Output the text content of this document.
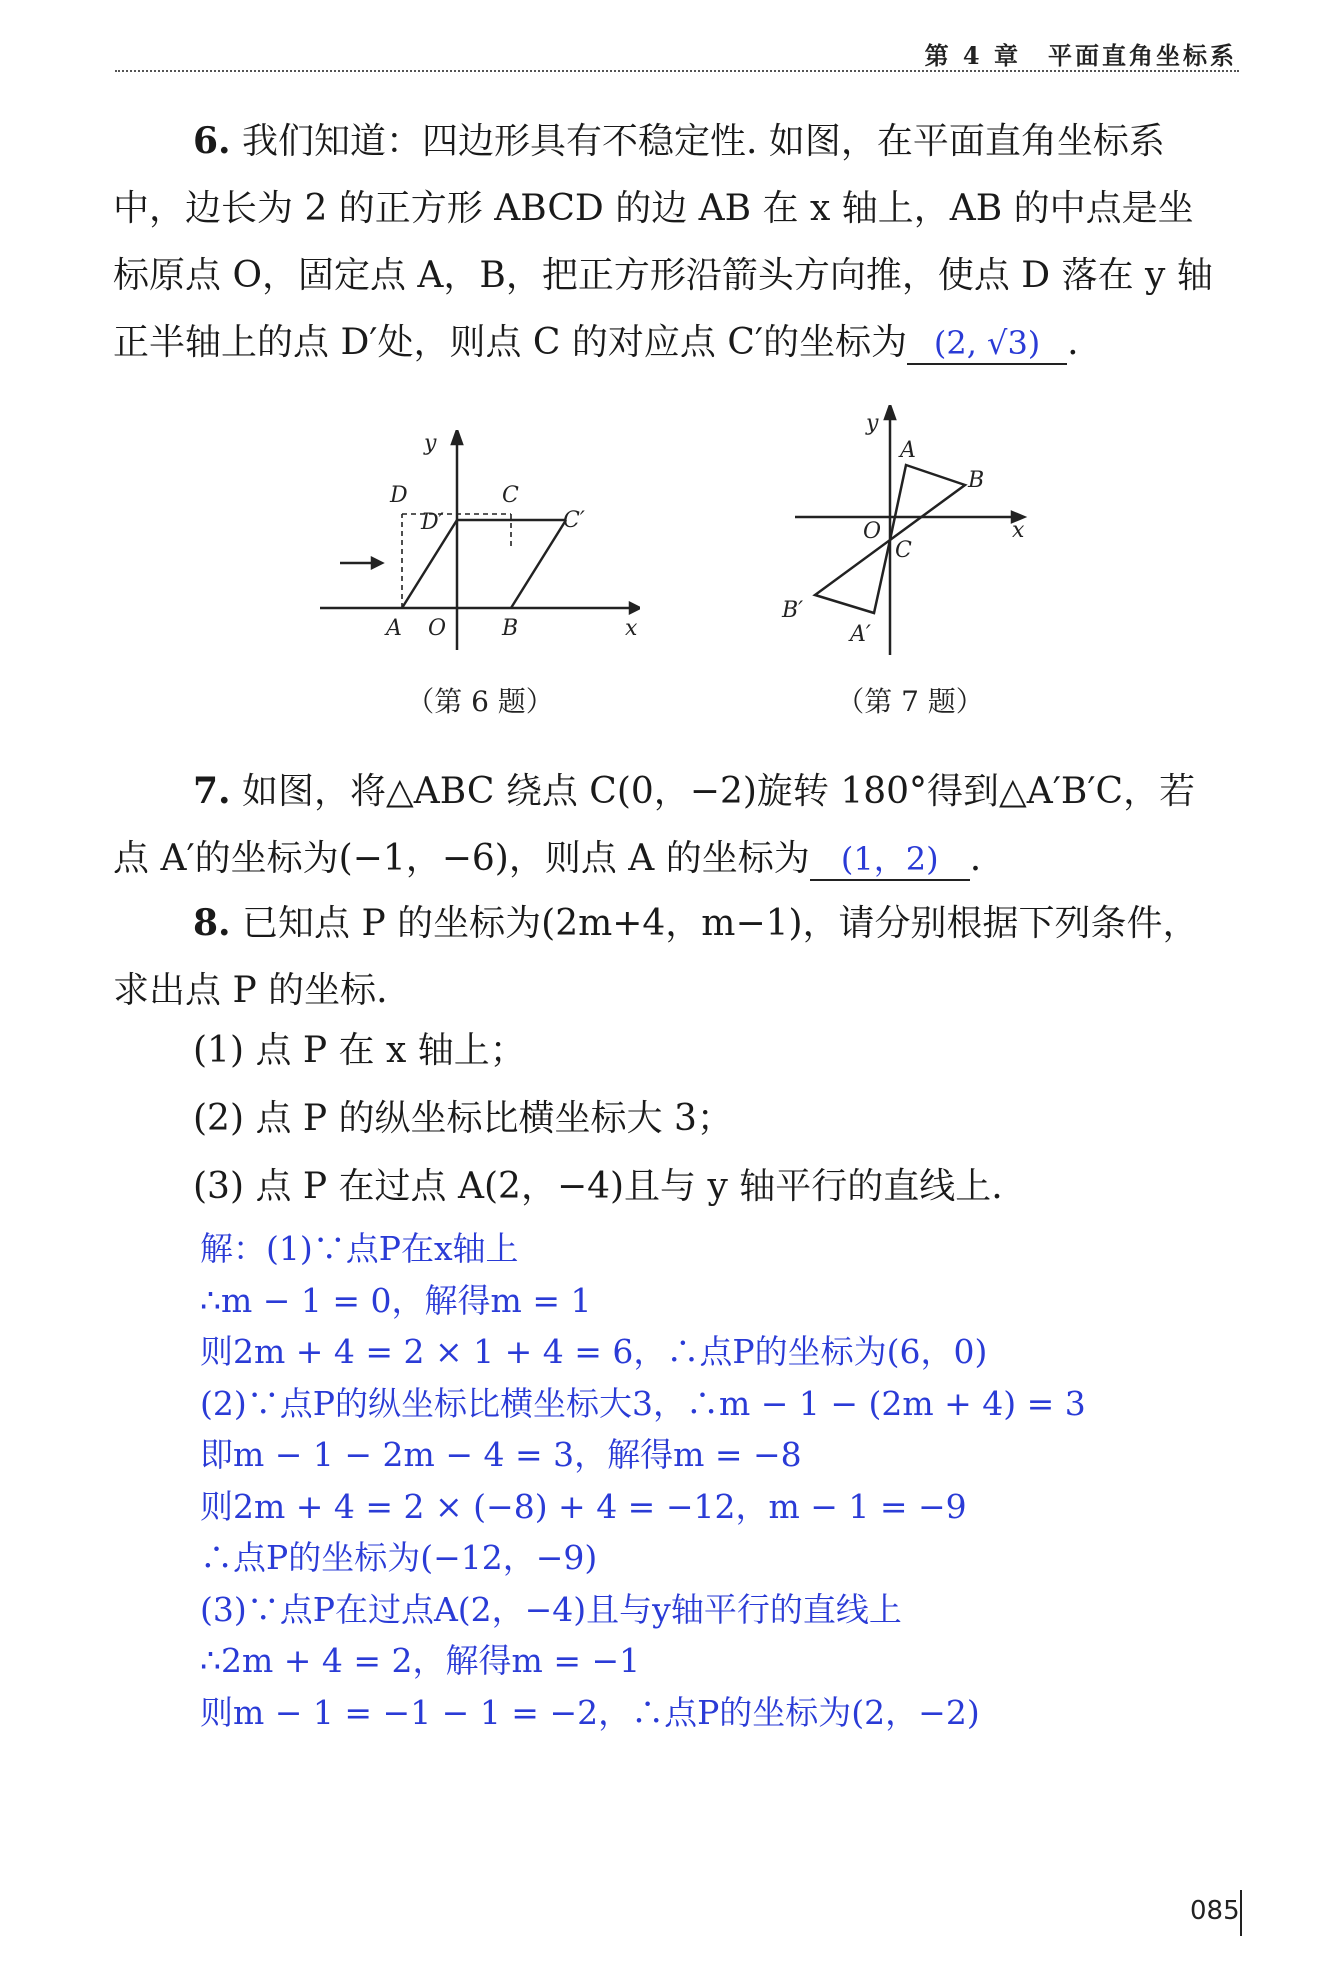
第 4 章　平面直角坐标系
6. 我们知道：四边形具有不稳定性. 如图，在平面直角坐标系
中，边长为 2 的正方形 ABCD 的边 AB 在 x 轴上，AB 的中点是坐
标原点 O，固定点 A，B，把正方形沿箭头方向推，使点 D 落在 y 轴
正半轴上的点 D′处，则点 C 的对应点 C′的坐标为 (2, √3) .
y
x
D	C
D′	C′
A O	B
（第 6 题）
y
x
A
B
O
C
B′
A′
（第 7 题）
7. 如图，将△ABC 绕点 C(0，−2)旋转 180°得到△A′B′C，若
点 A′的坐标为(−1，−6)，则点 A 的坐标为 (1，2) .
8. 已知点 P 的坐标为(2m+4，m−1)，请分别根据下列条件，
求出点 P 的坐标.
(1) 点 P 在 x 轴上；
(2) 点 P 的纵坐标比横坐标大 3；
(3) 点 P 在过点 A(2，−4)且与 y 轴平行的直线上.
解：(1)∵点P在x轴上
∴m − 1 = 0，解得m = 1
则2m + 4 = 2 × 1 + 4 = 6，∴点P的坐标为(6，0)
(2)∵点P的纵坐标比横坐标大3，∴m − 1 − (2m + 4) = 3
即m − 1 − 2m − 4 = 3，解得m = −8
则2m + 4 = 2 × (−8) + 4 = −12，m − 1 = −9
∴点P的坐标为(−12，−9)
(3)∵点P在过点A(2，−4)且与y轴平行的直线上
∴2m + 4 = 2，解得m = −1
则m − 1 = −1 − 1 = −2，∴点P的坐标为(2，−2)
085
